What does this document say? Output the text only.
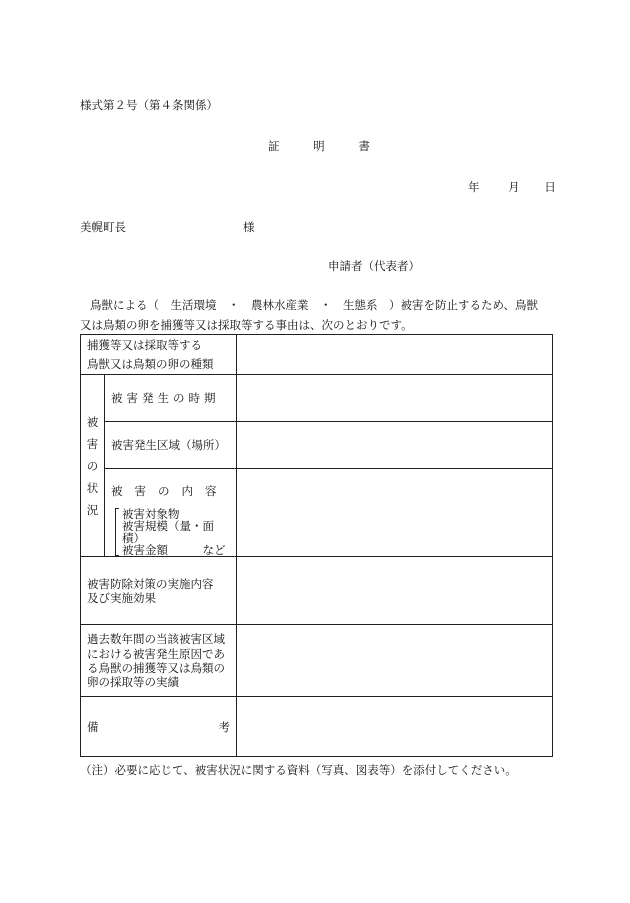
様式第２号（第４条関係）
証	明	書
年 月 日
美幌町長	様
申請者（代表者）
鳥獣による（　生活環境　・　農林水産業　・　生態系　）被害を防止するため、鳥獣
又は鳥類の卵を捕獲等又は採取等する事由は、次のとおりです。
捕獲等又は採取等する
鳥獣又は鳥類の卵の種類		

被
害
の
状
況	被害発生の時期	

	被害発生区域（場所）	

	被害の内容
被害対象物
被害規模（量・面積）
被害金額　　　など	

被害防除対策の実施内容
及び実施効果		

過去数年間の当該被害区域
における被害発生原因であ
る鳥獣の捕獲等又は鳥類の
卵の採取等の実績		

備 考		

（注）必要に応じて、被害状況に関する資料（写真、図表等）を添付してください。
